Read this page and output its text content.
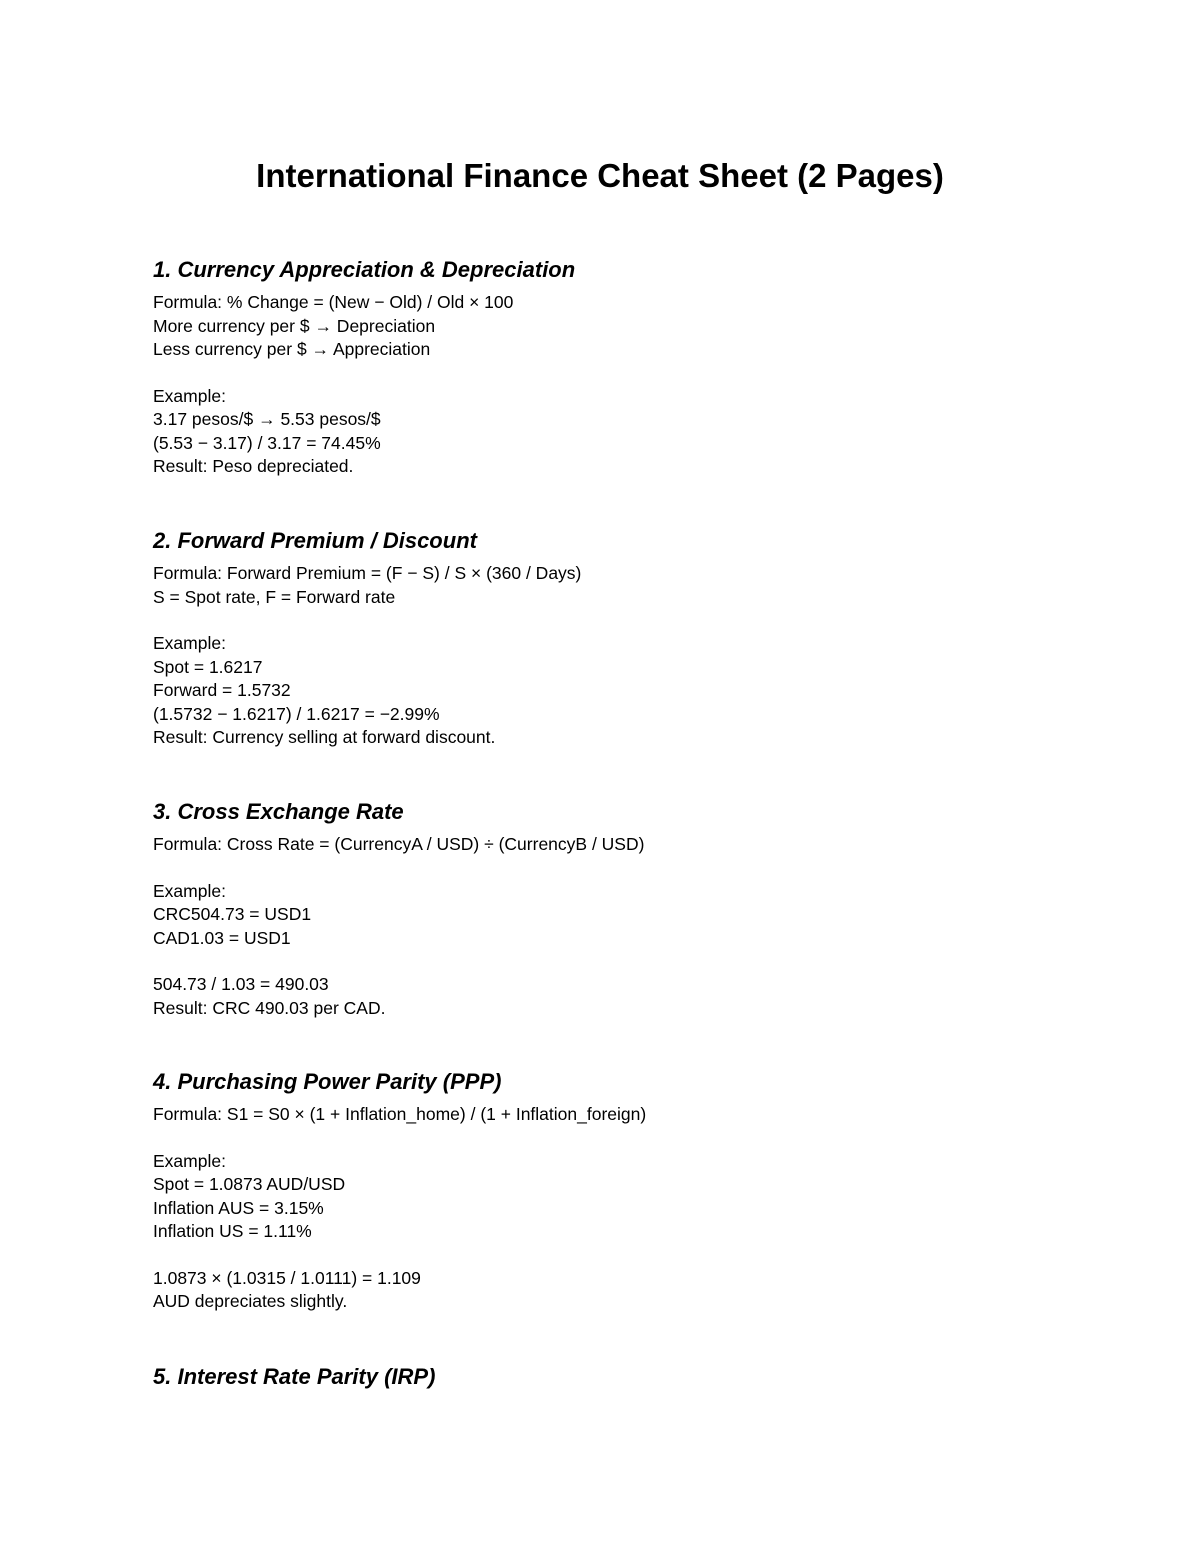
International Finance Cheat Sheet (2 Pages)
1. Currency Appreciation & Depreciation

Formula: % Change = (New − Old) / Old × 100

More currency per $ → Depreciation

Less currency per $ → Appreciation

Example:

3.17 pesos/$ → 5.53 pesos/$

(5.53 − 3.17) / 3.17 = 74.45%

Result: Peso depreciated.

2. Forward Premium / Discount

Formula: Forward Premium = (F − S) / S × (360 / Days)

S = Spot rate, F = Forward rate

Example:

Spot = 1.6217

Forward = 1.5732

(1.5732 − 1.6217) / 1.6217 = −2.99%

Result: Currency selling at forward discount.

3. Cross Exchange Rate

Formula: Cross Rate = (CurrencyA / USD) ÷ (CurrencyB / USD)

Example:

CRC504.73 = USD1

CAD1.03 = USD1

504.73 / 1.03 = 490.03

Result: CRC 490.03 per CAD.

4. Purchasing Power Parity (PPP)

Formula: S1 = S0 × (1 + Inflation_home) / (1 + Inflation_foreign)

Example:

Spot = 1.0873 AUD/USD

Inflation AUS = 3.15%

Inflation US = 1.11%

1.0873 × (1.0315 / 1.0111) = 1.109

AUD depreciates slightly.

5. Interest Rate Parity (IRP)
